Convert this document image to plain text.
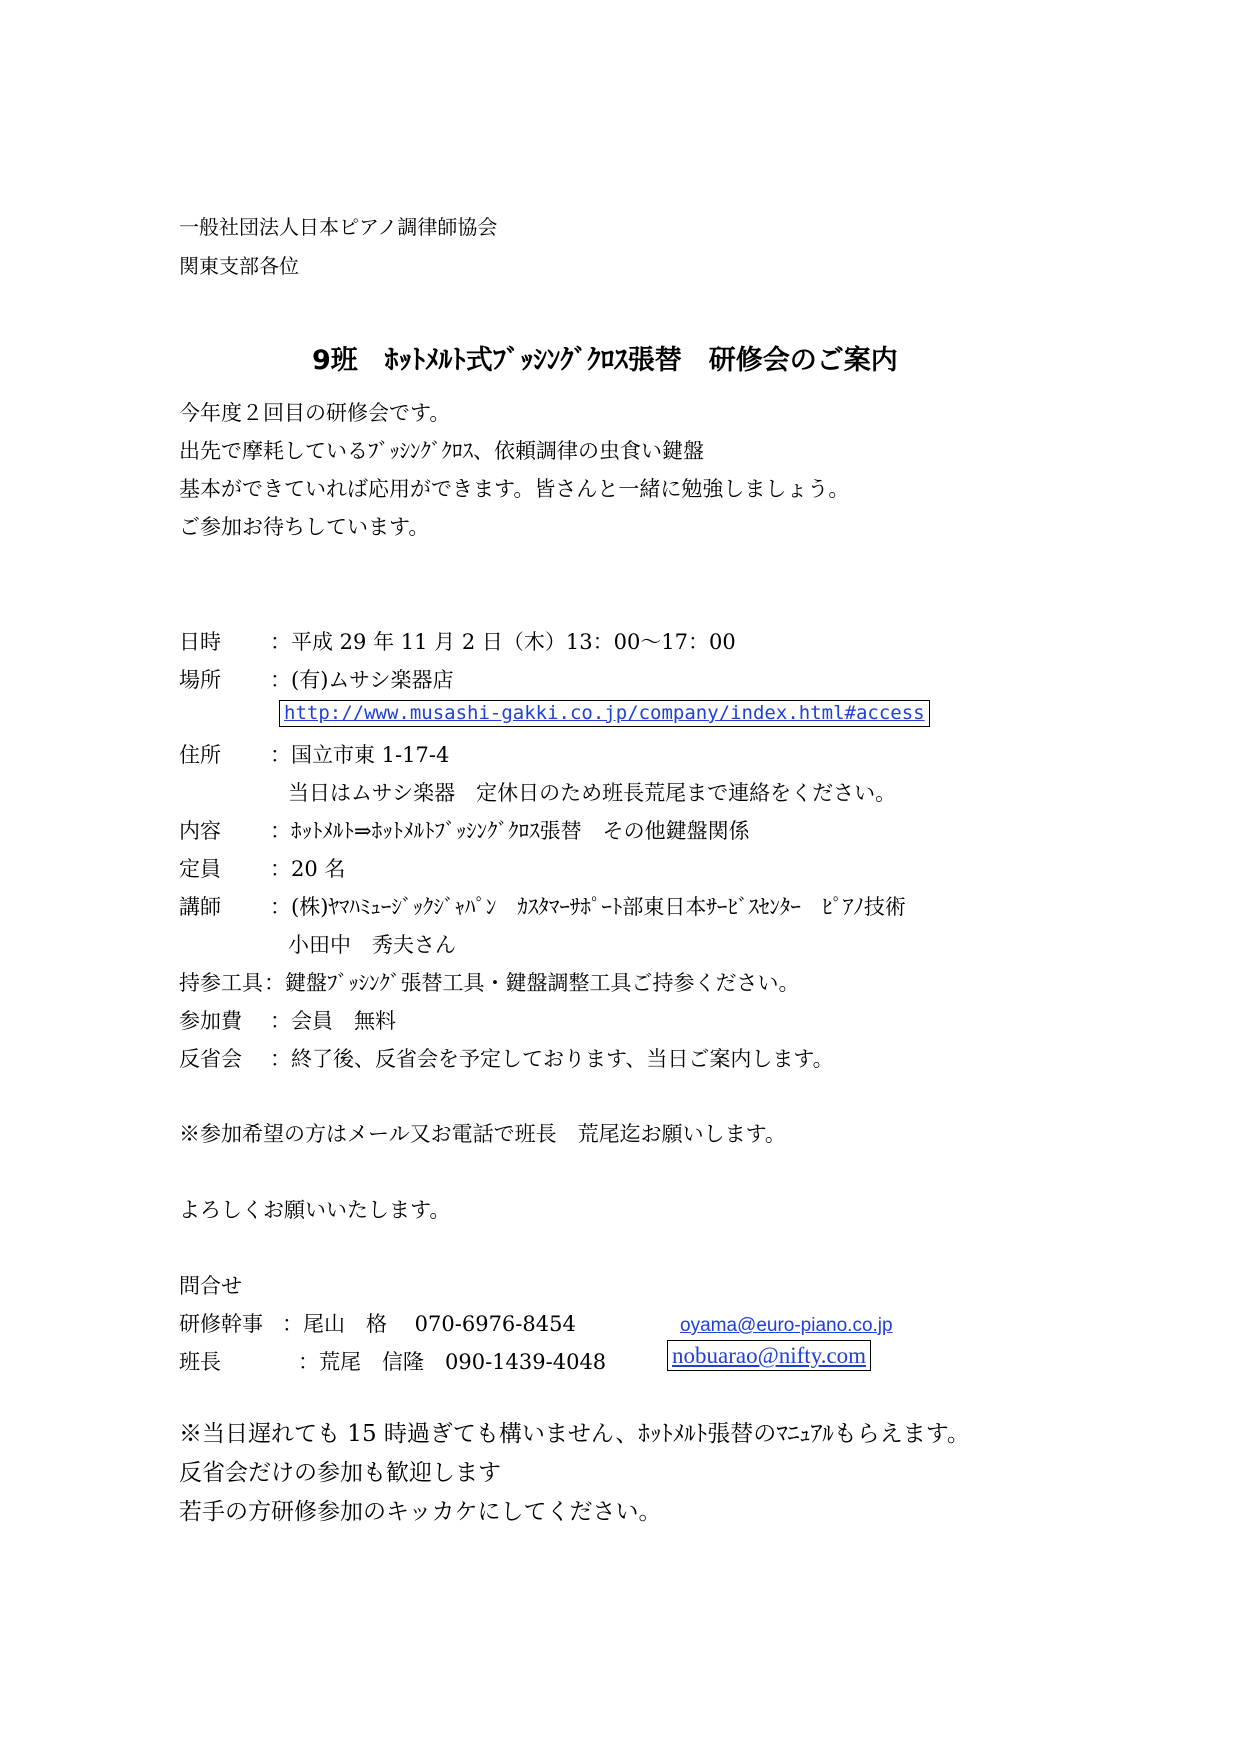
一般社団法人日本ピアノ調律師協会
関東支部各位
9班　ﾎｯﾄﾒﾙﾄ式ﾌﾞｯｼﾝｸﾞｸﾛｽ張替　研修会のご案内
今年度２回目の研修会です。
出先で摩耗しているﾌﾞｯｼﾝｸﾞｸﾛｽ、依頼調律の虫食い鍵盤
基本ができていれば応用ができます。皆さんと一緒に勉強しましょう。
ご参加お待ちしています。
日時 ：平成 29 年 11 月 2 日（木）13：00～17：00
場所 ：(有)ムサシ楽器店
http://www.musashi-gakki.co.jp/company/index.html#access
住所 ：国立市東 1-17-4
当日はムサシ楽器　定休日のため班長荒尾まで連絡をください。
内容 ：ﾎｯﾄﾒﾙﾄ⇒ﾎｯﾄﾒﾙﾄﾌﾞｯｼﾝｸﾞｸﾛｽ張替　その他鍵盤関係
定員 ：20 名
講師 ：(株)ﾔﾏﾊﾐｭｰｼﾞｯｸｼﾞｬﾊﾟﾝ　ｶｽﾀﾏｰｻﾎﾟｰﾄ部東日本ｻｰﾋﾞｽｾﾝﾀｰ　ﾋﾟｱﾉ技術
小田中　秀夫さん
持参工具 ：鍵盤ﾌﾞｯｼﾝｸﾞ張替工具・鍵盤調整工具ご持参ください。
参加費 ：会員　無料
反省会 ：終了後、反省会を予定しております、当日ご案内します。
※参加希望の方はメール又お電話で班長　荒尾迄お願いします。
よろしくお願いいたします。
問合せ
研修幹事 ：尾山　格　 070-6976-8454	oyama@euro-piano.co.jp
班長	：荒尾　信隆　090-1439-4048	nobuarao@nifty.com
※当日遅れても 15 時過ぎても構いません、ﾎｯﾄﾒﾙﾄ張替のﾏﾆｭｱﾙもらえます。
反省会だけの参加も歓迎します
若手の方研修参加のキッカケにしてください。
